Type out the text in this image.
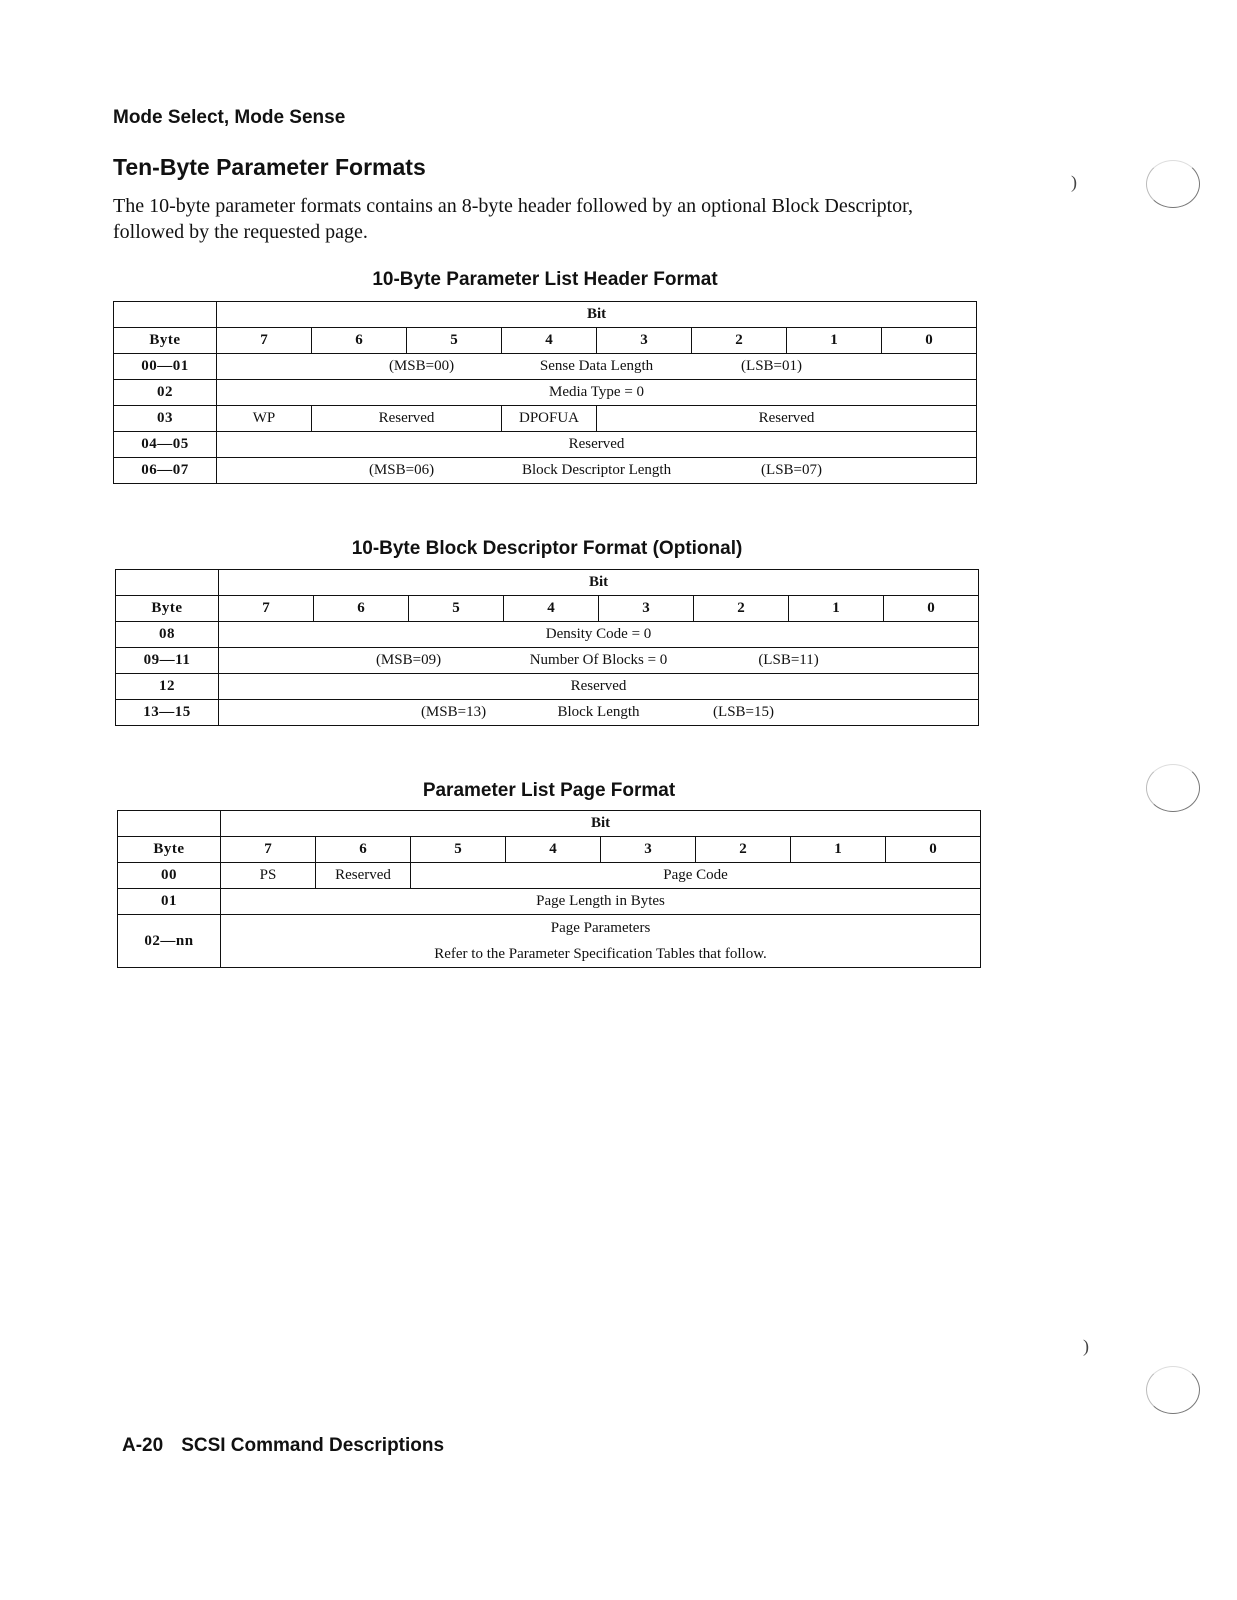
Mode Select, Mode Sense
Ten-Byte Parameter Formats
The 10-byte parameter formats contains an 8-byte header followed by an optional Block Descriptor, followed by the requested page.
10-Byte Parameter List Header Format
	Bit							
Byte	7	6	5	4	3	2	1	0
00—01	(MSB=00) Sense Data Length (LSB=01)							

02	Media Type = 0							
03	WP	Reserved		DPOFUA	Reserved			
04—05	Reserved							
06—07	(MSB=06) Block Descriptor Length (LSB=07)							
10-Byte Block Descriptor Format (Optional)
	Bit							
Byte	7	6	5	4	3	2	1	0
08	Density Code = 0							
09—11	(MSB=09) Number Of Blocks = 0 (LSB=11)							

12	Reserved							
13—15	(MSB=13) Block Length (LSB=15)							
Parameter List Page Format
	Bit							
Byte	7	6	5	4	3	2	1	0
00	PS	Reserved	Page Code					
01	Page Length in Bytes							
02—nn	Page Parameters
Refer to the Parameter Specification Tables that follow.							
A-20 SCSI Command Descriptions
)
)
